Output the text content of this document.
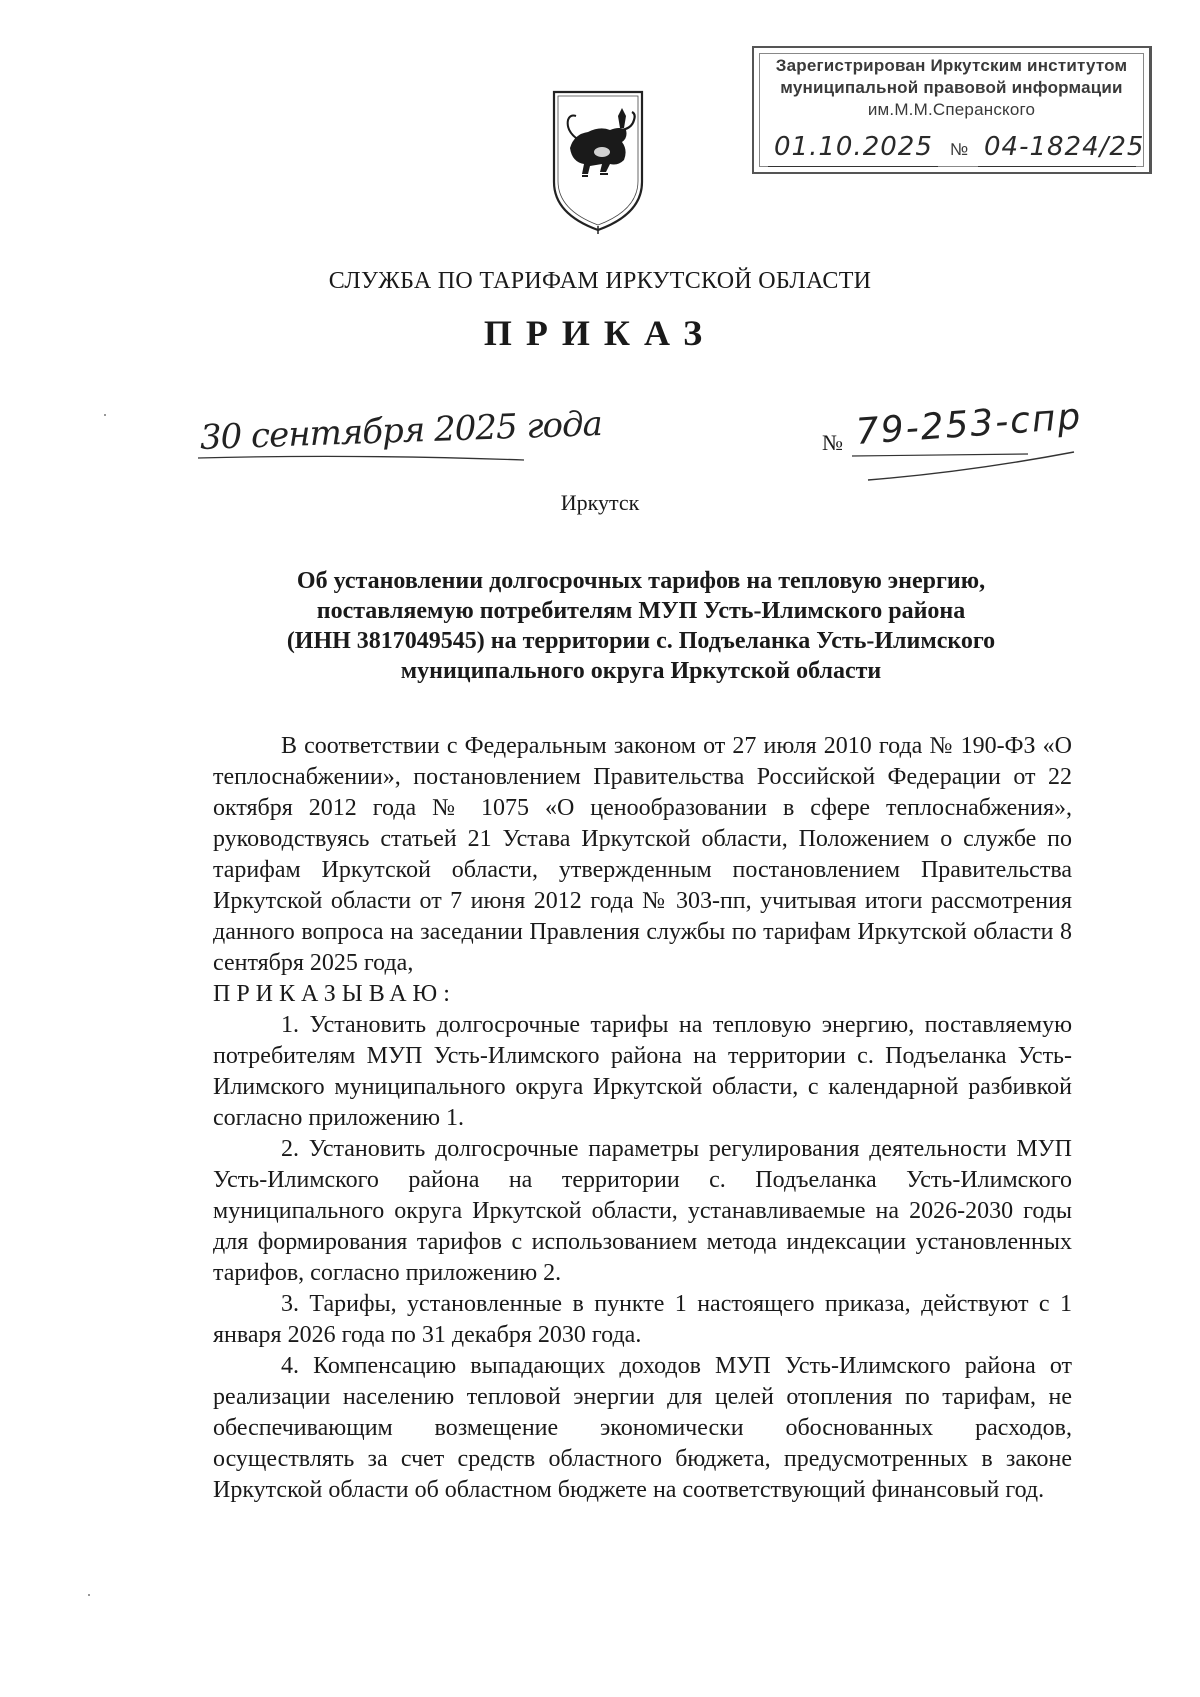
Зарегистрирован Иркутским институтом
муниципальной правовой информации
им.М.М.Сперанского
01.10.2025 № 04-1824/25
СЛУЖБА ПО ТАРИФАМ ИРКУТСКОЙ ОБЛАСТИ
ПРИКАЗ
30 сентября 2025 года	№ 79-253-спр
Иркутск
Об установлении долгосрочных тарифов на тепловую энергию,
поставляемую потребителям МУП Усть-Илимского района
(ИНН 3817049545) на территории с. Подъеланка Усть-Илимского
муниципального округа Иркутской области
В соответствии с Федеральным законом от 27 июля 2010 года № 190-ФЗ «О теплоснабжении», постановлением Правительства Российской Федерации от 22 октября 2012 года № 1075 «О ценообразовании в сфере теплоснабжения», руководствуясь статьей 21 Устава Иркутской области, Положением о службе по тарифам Иркутской области, утвержденным постановлением Правительства Иркутской области от 7 июня 2012 года № 303-пп, учитывая итоги рассмотрения данного вопроса на заседании Правления службы по тарифам Иркутской области 8 сентября 2025 года,
ПРИКАЗЫВАЮ:
1. Установить долгосрочные тарифы на тепловую энергию, поставляемую потребителям МУП Усть-Илимского района на территории с. Подъеланка Усть-Илимского муниципального округа Иркутской области, с календарной разбивкой согласно приложению 1.
2. Установить долгосрочные параметры регулирования деятельности МУП Усть-Илимского района на территории с. Подъеланка Усть-Илимского муниципального округа Иркутской области, устанавливаемые на 2026-2030 годы для формирования тарифов с использованием метода индексации установленных тарифов, согласно приложению 2.
3. Тарифы, установленные в пункте 1 настоящего приказа, действуют с 1 января 2026 года по 31 декабря 2030 года.
4. Компенсацию выпадающих доходов МУП Усть-Илимского района от реализации населению тепловой энергии для целей отопления по тарифам, не обеспечивающим возмещение экономически обоснованных расходов, осуществлять за счет средств областного бюджета, предусмотренных в законе Иркутской области об областном бюджете на соответствующий финансовый год.
